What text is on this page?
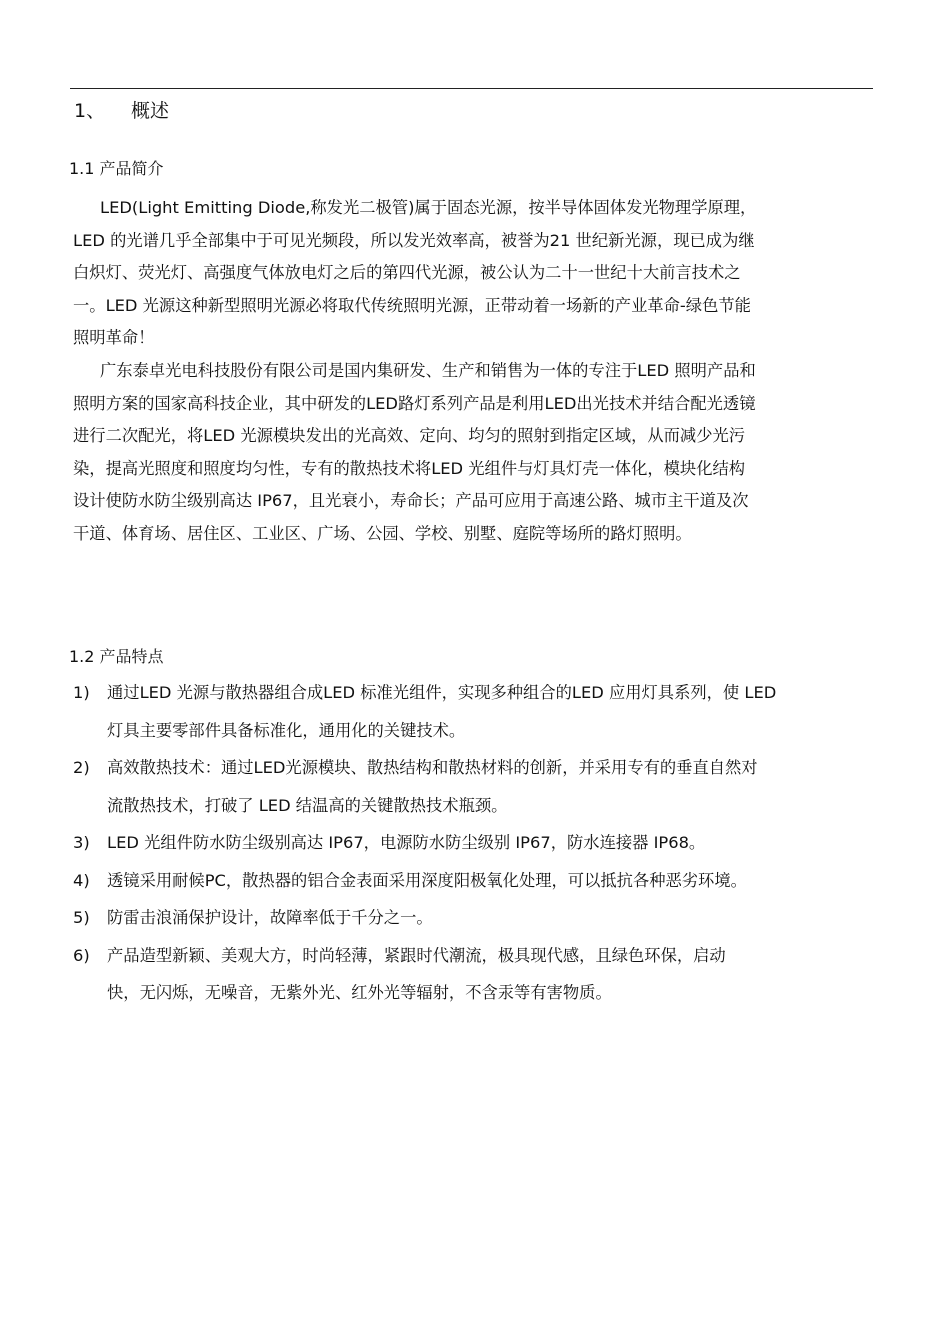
1、 概述
1.1 产品简介
LED(Light Emitting Diode,称发光二极管)属于固态光源，按半导体固体发光物理学原理，
LED 的光谱几乎全部集中于可见光频段，所以发光效率高，被誉为21 世纪新光源，现已成为继
白炽灯、荧光灯、高强度气体放电灯之后的第四代光源，被公认为二十一世纪十大前言技术之
一。LED 光源这种新型照明光源必将取代传统照明光源，正带动着一场新的产业革命-绿色节能
照明革命！
广东泰卓光电科技股份有限公司是国内集研发、生产和销售为一体的专注于LED 照明产品和
照明方案的国家高科技企业，其中研发的LED路灯系列产品是利用LED出光技术并结合配光透镜
进行二次配光，将LED 光源模块发出的光高效、定向、均匀的照射到指定区域，从而减少光污
染，提高光照度和照度均匀性，专有的散热技术将LED 光组件与灯具灯壳一体化，模块化结构
设计使防水防尘级别高达 IP67，且光衰小，寿命长；产品可应用于高速公路、城市主干道及次
干道、体育场、居住区、工业区、广场、公园、学校、别墅、庭院等场所的路灯照明。
1.2 产品特点
1)	通过LED 光源与散热器组合成LED 标准光组件，实现多种组合的LED 应用灯具系列，使 LED
灯具主要零部件具备标准化，通用化的关键技术。
2)	高效散热技术：通过LED光源模块、散热结构和散热材料的创新，并采用专有的垂直自然对
流散热技术，打破了 LED 结温高的关键散热技术瓶颈。
3)	LED 光组件防水防尘级别高达 IP67，电源防水防尘级别 IP67，防水连接器 IP68。
4)	透镜采用耐候PC，散热器的铝合金表面采用深度阳极氧化处理，可以抵抗各种恶劣环境。
5)	防雷击浪涌保护设计，故障率低于千分之一。
6)	产品造型新颖、美观大方，时尚轻薄，紧跟时代潮流，极具现代感，且绿色环保，启动
快，无闪烁，无噪音，无紫外光、红外光等辐射，不含汞等有害物质。
